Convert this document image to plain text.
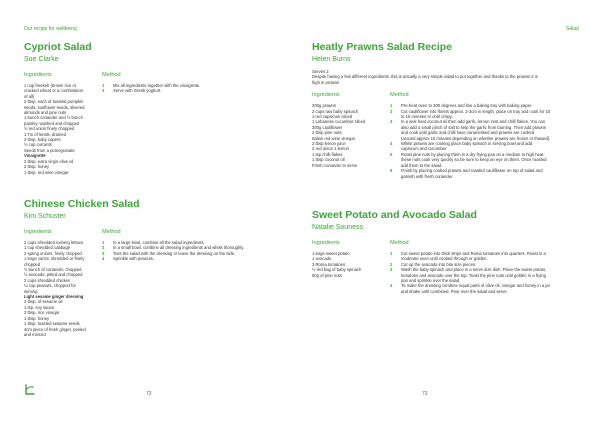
Our recipe for wellbeing	Salad
Cypriot Salad
Sue Clarke
Ingredients
1 cup freekeh (brown rice or
cracked wheat or a combination
of all)
2 tbsp. each of toasted pumpkin
seeds, sunflower seeds, slivered
almonds and pine nuts
1 bunch coriander and ½ bunch
parsley, washed and chopped
½ red onion finely chopped
1 Tin of lentils, drained
2 tbsp. baby capers
½ cup currants
Seeds from a pomegranate
Vinaigrette
2 tbsp. extra virgin olive oil
2 tbsp. honey
1 tbsp. red wine vinegar
Method
1 Mix all ingredients together with the vinaigrette.
2 Serve with Greek yoghurt.
Chinese Chicken Salad
Kim Schuster
Ingredients
2 cups shredded iceberg lettuce
1 cup shredded cabbage
2 spring onions, finely chopped
1 large carrot, shredded or finely
chopped
½ bunch of coriander, chopped
½ avocado, pitted and chopped
2 cups shredded chicken
¼ cup peanuts, chopped for
serving
Light sesame ginger dressing
3 tbsp. of sesame oil
1 tsp. soy sauce
2 tbsp. rice vinegar
1 tbsp. honey
1 tbsp. toasted sesame seeds
4cm piece of fresh ginger, peeled
and minced
Method
1 In a large bowl, combine all the salad ingredients.
2 In a small bowl, combine all dressing ingredients and whisk thoroughly.
3 Toss the salad with the dressing or leave the dressing on the side.
4 Sprinkle with peanuts.
Heatly Prawns Salad Recipe
Helen Burns
Serves 2
Despite having a few different ingredients, this is actually a very simple salad to put together and thanks to the prawns it is
high in protein!
Ingredients
200g prawns
2 cups raw baby spinach
1 red capsicum sliced
1 Lebanese cucumber sliced
300g cauliflower
2 tbsp pine nuts
Italian red wine vinegar
2 tbsp lemon juice
2 red onion 1 lemon
1 tsp chilli flakes
1 tbsp coconut oil
Fresh coriander to serve
Method
1 Pre-heat oven to 200 degrees and line a baking tray with baking paper.
2 Cut cauliflower into florets approx. 2-3cm in length, place on tray and cook for 10
to 15 minutes or until crispy.
3 In a wok heat coconut oil then add garlic, lemon zest and chilli flakes. You can
also add a small pinch of salt to help the garlic from burning. Then add prawns
and cook until garlic and chilli have caramelised and prawns are cooked
(around approx 10 minutes depending on whether prawns are frozen or thawed).
4 Whilst prawns are cooking place baby spinach in serving bowl and add
capsicum and cucumber.
5 Roast pine nuts by placing them in a dry frying pan on a medium to high heat.
these nuts cook very quickly so be sure to keep an eye on them. Once roasted
add them to the salad.
6 Finish by placing cooked prawns and roasted cauliflower on top of salad and
garnish with fresh coriander.
Sweet Potato and Avocado Salad
Natalie Souness
Ingredients
1 large sweet potato
1 avocado
3 Roma tomatoes
½ red bag of baby spinach
50g of pine nuts
Method
1 Cut sweet potato into thick strips and Roma tomatoes into quarters. Roast in a
moderate oven until cooked through or golden.
2 Cut up the avocado into bite size pieces.
3 Wash the baby spinach and place in a serve size dish. Place the sweet potato,
tomatoes and avocado over the top. Toast the pine nuts until golden in a frying
pan and sprinkle over the salad.
4 To make the dressing combine equal parts of olive oil, vinegar and honey in a jar
and shake until combined. Pour over the salad and serve.
72	73
